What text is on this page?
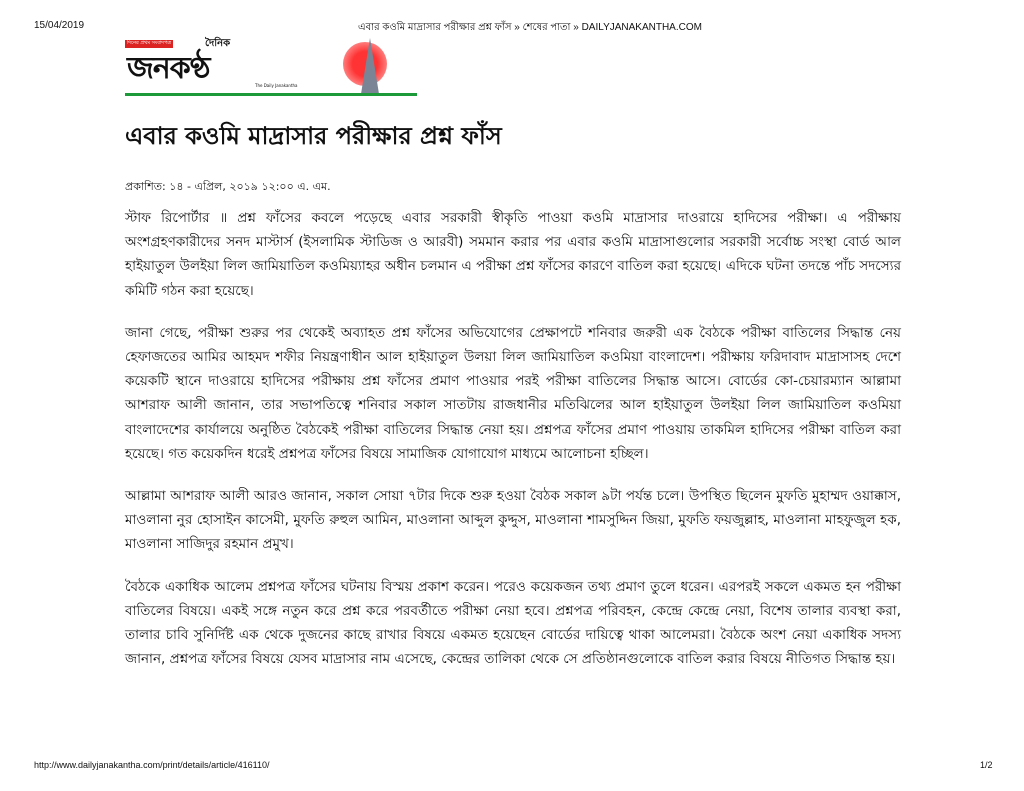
15/04/2019	এবার কওমি মাদ্রাসার পরীক্ষার প্রশ্ন ফাঁস » শেষের পাতা » DAILYJANAKANTHA.COM
দিনের প্রথম সংবাদপত্র	দৈনিক
জনকণ্ঠ	The Daily Janakantha
এবার কওমি মাদ্রাসার পরীক্ষার প্রশ্ন ফাঁস
প্রকাশিত: ১৪ - এপ্রিল, ২০১৯ ১২:০০ এ. এম.

স্টাফ রিপোর্টার ॥ প্রশ্ন ফাঁসের কবলে পড়েছে এবার সরকারী স্বীকৃতি পাওয়া কওমি মাদ্রাসার দাওরায়ে হাদিসের পরীক্ষা। এ পরীক্ষায় অংশগ্রহণকারীদের সনদ মাস্টার্স (ইসলামিক স্টাডিজ ও আরবী) সমমান করার পর এবার কওমি মাদ্রাসাগুলোর সরকারী সর্বোচ্চ সংস্থা বোর্ড আল হাইয়াতুল উলইয়া লিল জামিয়াতিল কওমিয়্যাহর অধীন চলমান এ পরীক্ষা প্রশ্ন ফাঁসের কারণে বাতিল করা হয়েছে। এদিকে ঘটনা তদন্তে পাঁচ সদস্যের কমিটি গঠন করা হয়েছে।

জানা গেছে, পরীক্ষা শুরুর পর থেকেই অব্যাহত প্রশ্ন ফাঁসের অভিযোগের প্রেক্ষাপটে শনিবার জরুরী এক বৈঠকে পরীক্ষা বাতিলের সিদ্ধান্ত নেয় হেফাজতের আমির আহমদ শফীর নিয়ন্ত্রণাধীন আল হাইয়াতুল উলয়া লিল জামিয়াতিল কওমিয়া বাংলাদেশ। পরীক্ষায় ফরিদাবাদ মাদ্রাসাসহ দেশে কয়েকটি স্থানে দাওরায়ে হাদিসের পরীক্ষায় প্রশ্ন ফাঁসের প্রমাণ পাওয়ার পরই পরীক্ষা বাতিলের সিদ্ধান্ত আসে। বোর্ডের কো-চেয়ারম্যান আল্লামা আশরাফ আলী জানান, তার সভাপতিত্বে শনিবার সকাল সাতটায় রাজধানীর মতিঝিলের আল হাইয়াতুল উলইয়া লিল জামিয়াতিল কওমিয়া বাংলাদেশের কার্যালয়ে অনুষ্ঠিত বৈঠকেই পরীক্ষা বাতিলের সিদ্ধান্ত নেয়া হয়। প্রশ্নপত্র ফাঁসের প্রমাণ পাওয়ায় তাকমিল হাদিসের পরীক্ষা বাতিল করা হয়েছে। গত কয়েকদিন ধরেই প্রশ্নপত্র ফাঁসের বিষয়ে সামাজিক যোগাযোগ মাধ্যমে আলোচনা হচ্ছিল।

আল্লামা আশরাফ আলী আরও জানান, সকাল সোয়া ৭টার দিকে শুরু হওয়া বৈঠক সকাল ৯টা পর্যন্ত চলে। উপস্থিত ছিলেন মুফতি মুহাম্মদ ওয়াক্কাস, মাওলানা নুর হোসাইন কাসেমী, মুফতি রুহুল আমিন, মাওলানা আব্দুল কুদ্দুস, মাওলানা শামসুদ্দিন জিয়া, মুফতি ফয়জুল্লাহ, মাওলানা মাহফুজুল হক, মাওলানা সাজিদুর রহমান প্রমুখ।

বৈঠকে একাধিক আলেম প্রশ্নপত্র ফাঁসের ঘটনায় বিস্ময় প্রকাশ করেন। পরেও কয়েকজন তথ্য প্রমাণ তুলে ধরেন। এরপরই সকলে একমত হন পরীক্ষা বাতিলের বিষয়ে। একই সঙ্গে নতুন করে প্রশ্ন করে পরবর্তীতে পরীক্ষা নেয়া হবে। প্রশ্নপত্র পরিবহন, কেন্দ্রে কেন্দ্রে নেয়া, বিশেষ তালার ব্যবস্থা করা, তালার চাবি সুনির্দিষ্ট এক থেকে দুজনের কাছে রাখার বিষয়ে একমত হয়েছেন বোর্ডের দায়িত্বে থাকা আলেমরা। বৈঠকে অংশ নেয়া একাধিক সদস্য জানান, প্রশ্নপত্র ফাঁসের বিষয়ে যেসব মাদ্রাসার নাম এসেছে, কেন্দ্রের তালিকা থেকে সে প্রতিষ্ঠানগুলোকে বাতিল করার বিষয়ে নীতিগত সিদ্ধান্ত হয়।

http://www.dailyjanakantha.com/print/details/article/416110/	1/2
